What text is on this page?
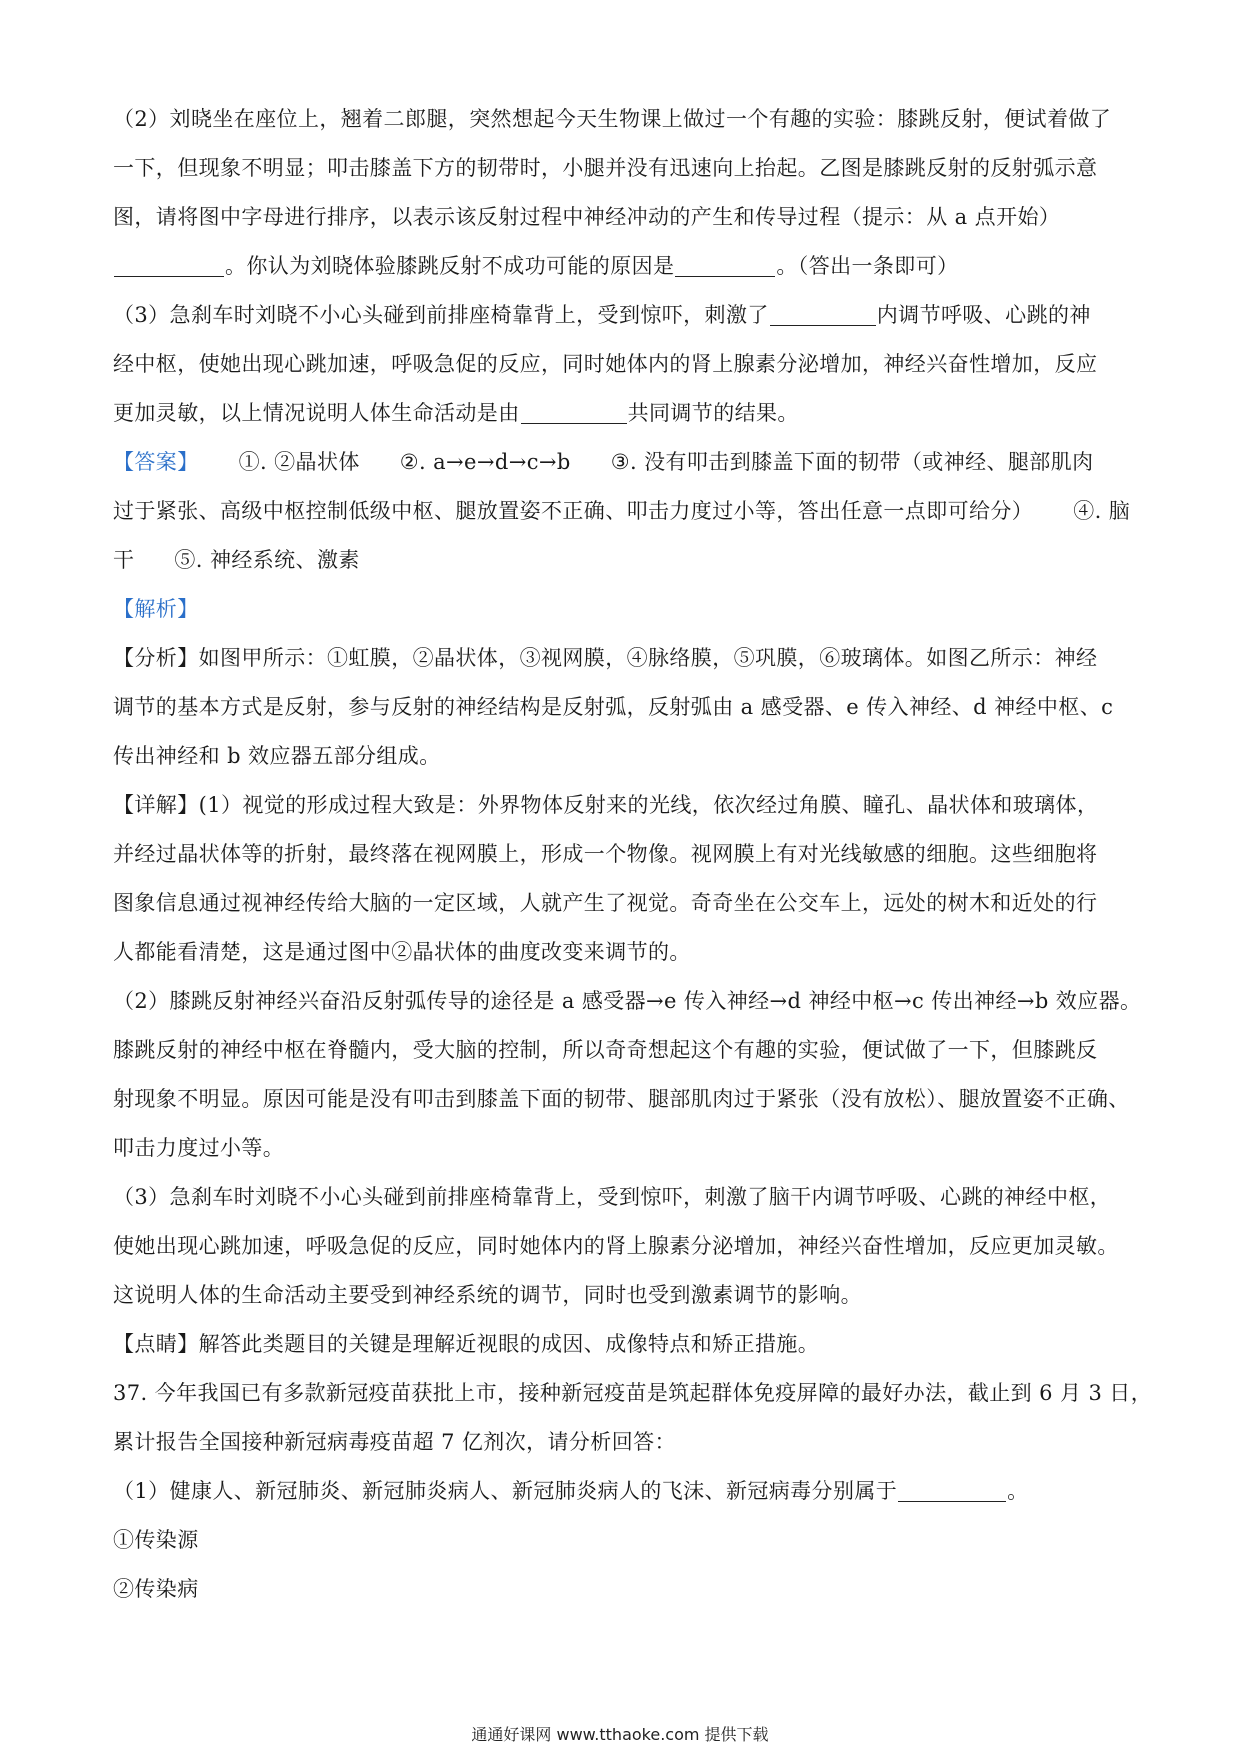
（2）刘晓坐在座位上，翘着二郎腿，突然想起今天生物课上做过一个有趣的实验：膝跳反射，便试着做了
一下，但现象不明显；叩击膝盖下方的韧带时，小腿并没有迅速向上抬起。乙图是膝跳反射的反射弧示意
图，请将图中字母进行排序，以表示该反射过程中神经冲动的产生和传导过程（提示：从 a 点开始）
。你认为刘晓体验膝跳反射不成功可能的原因是	。（答出一条即可）
（3）急刹车时刘晓不小心头碰到前排座椅靠背上，受到惊吓，刺激了	内调节呼吸、心跳的神
经中枢，使她出现心跳加速，呼吸急促的反应，同时她体内的肾上腺素分泌增加，神经兴奋性增加，反应
更加灵敏，以上情况说明人体生命活动是由	共同调节的结果。
【答案】 ①. ②晶状体 ②. a→e→d→c→b ③. 没有叩击到膝盖下面的韧带（或神经、腿部肌肉
过于紧张、高级中枢控制低级中枢、腿放置姿不正确、叩击力度过小等，答出任意一点即可给分） ④. 脑
干 ⑤. 神经系统、激素
【解析】
【分析】如图甲所示：①虹膜，②晶状体，③视网膜，④脉络膜，⑤巩膜，⑥玻璃体。如图乙所示：神经
调节的基本方式是反射，参与反射的神经结构是反射弧，反射弧由 a 感受器、e 传入神经、d 神经中枢、c
传出神经和 b 效应器五部分组成。
【详解】(1）视觉的形成过程大致是：外界物体反射来的光线，依次经过角膜、瞳孔、晶状体和玻璃体，
并经过晶状体等的折射，最终落在视网膜上，形成一个物像。视网膜上有对光线敏感的细胞。这些细胞将
图象信息通过视神经传给大脑的一定区域，人就产生了视觉。奇奇坐在公交车上，远处的树木和近处的行
人都能看清楚，这是通过图中②晶状体的曲度改变来调节的。
（2）膝跳反射神经兴奋沿反射弧传导的途径是 a 感受器→e 传入神经→d 神经中枢→c 传出神经→b 效应器。
膝跳反射的神经中枢在脊髓内，受大脑的控制，所以奇奇想起这个有趣的实验，便试做了一下，但膝跳反
射现象不明显。原因可能是没有叩击到膝盖下面的韧带、腿部肌肉过于紧张（没有放松）、腿放置姿不正确、
叩击力度过小等。
（3）急刹车时刘晓不小心头碰到前排座椅靠背上，受到惊吓，刺激了脑干内调节呼吸、心跳的神经中枢，
使她出现心跳加速，呼吸急促的反应，同时她体内的肾上腺素分泌增加，神经兴奋性增加，反应更加灵敏。
这说明人体的生命活动主要受到神经系统的调节，同时也受到激素调节的影响。
【点睛】解答此类题目的关键是理解近视眼的成因、成像特点和矫正措施。
37. 今年我国已有多款新冠疫苗获批上市，接种新冠疫苗是筑起群体免疫屏障的最好办法，截止到 6 月 3 日，
累计报告全国接种新冠病毒疫苗超 7 亿剂次，请分析回答：
（1）健康人、新冠肺炎、新冠肺炎病人、新冠肺炎病人的飞沫、新冠病毒分别属于	。
①传染源
②传染病
通通好课网 www.tthaoke.com 提供下载
